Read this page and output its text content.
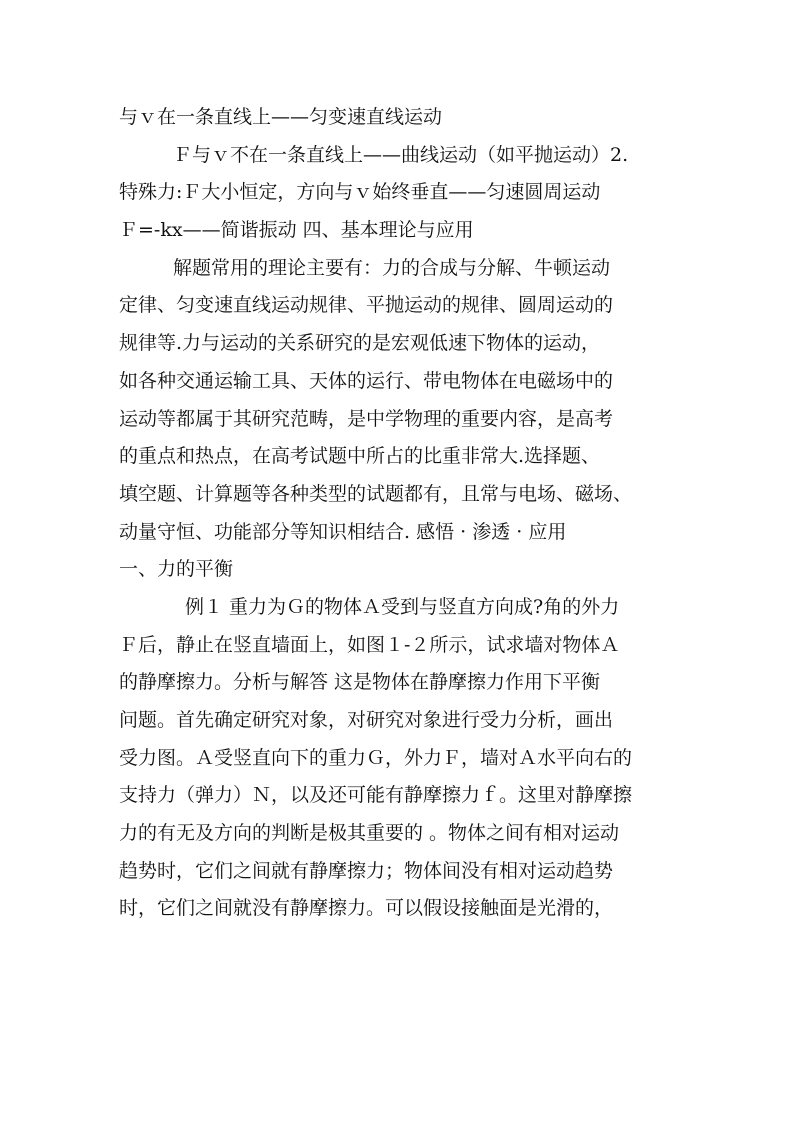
与ｖ在一条直线上——匀变速直线运动
Ｆ与ｖ不在一条直线上——曲线运动（如平抛运动）2.
特殊力:Ｆ大小恒定，方向与ｖ始终垂直——匀速圆周运动
Ｆ=-kx——简谐振动 四、基本理论与应用
解题常用的理论主要有：力的合成与分解、牛顿运动
定律、匀变速直线运动规律、平抛运动的规律、圆周运动的
规律等.力与运动的关系研究的是宏观低速下物体的运动，
如各种交通运输工具、天体的运行、带电物体在电磁场中的
运动等都属于其研究范畴，是中学物理的重要内容，是高考
的重点和热点，在高考试题中所占的比重非常大.选择题、
填空题、计算题等各种类型的试题都有，且常与电场、磁场、
动量守恒、功能部分等知识相结合. 感悟 · 渗透 · 应用
一、力的平衡
例１ 重力为Ｇ的物体Ａ受到与竖直方向成?角的外力
Ｆ后，静止在竖直墙面上，如图１-２所示，试求墙对物体Ａ
的静摩擦力。分析与解答 这是物体在静摩擦力作用下平衡
问题。首先确定研究对象，对研究对象进行受力分析，画出
受力图。Ａ受竖直向下的重力Ｇ，外力Ｆ，墙对Ａ水平向右的
支持力（弹力）Ｎ，以及还可能有静摩擦力ｆ。这里对静摩擦
力的有无及方向的判断是极其重要的 。物体之间有相对运动
趋势时，它们之间就有静摩擦力；物体间没有相对运动趋势
时，它们之间就没有静摩擦力。可以假设接触面是光滑的，
